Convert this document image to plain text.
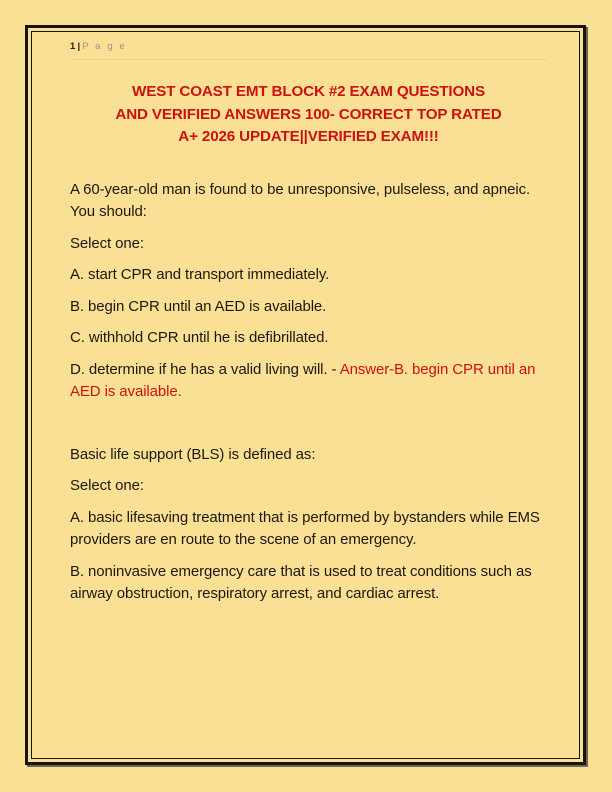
1 | P a g e
WEST COAST EMT BLOCK #2 EXAM QUESTIONS
AND VERIFIED ANSWERS 100- CORRECT TOP RATED
A+ 2026 UPDATE||VERIFIED EXAM!!!

A 60-year-old man is found to be unresponsive, pulseless, and apneic. You should:

Select one:

A. start CPR and transport immediately.

B. begin CPR until an AED is available.

C. withhold CPR until he is defibrillated.

D. determine if he has a valid living will. - Answer-B. begin CPR until an AED is available.

Basic life support (BLS) is defined as:

Select one:

A. basic lifesaving treatment that is performed by bystanders while EMS providers are en route to the scene of an emergency.

B. noninvasive emergency care that is used to treat conditions such as airway obstruction, respiratory arrest, and cardiac arrest.
